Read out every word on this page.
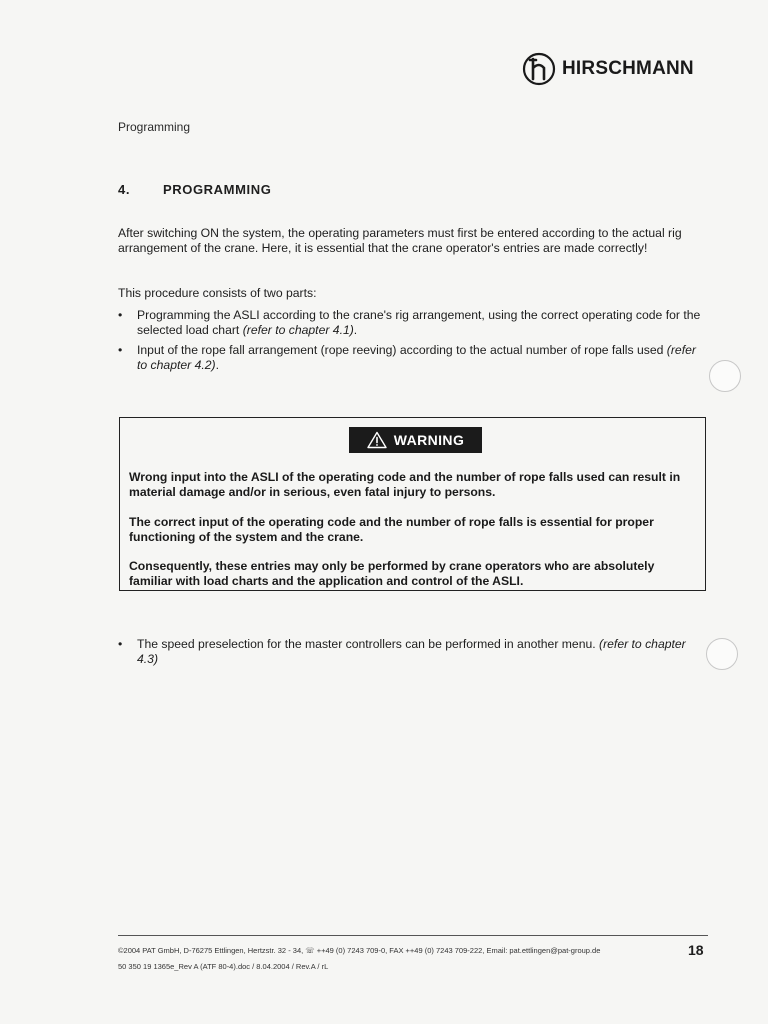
HIRSCHMANN
Programming
4.	PROGRAMMING
After switching ON the system, the operating parameters must first be entered according to the actual rig arrangement of the crane. Here, it is essential that the crane operator's entries are made correctly!
This procedure consists of two parts:
• Programming the ASLI according to the crane's rig arrangement, using the correct operating code for the selected load chart (refer to chapter 4.1).
• Input of the rope fall arrangement (rope reeving) according to the actual number of rope falls used (refer to chapter 4.2).
WARNING
Wrong input into the ASLI of the operating code and the number of rope falls used can result in material damage and/or in serious, even fatal injury to persons.
The correct input of the operating code and the number of rope falls is essential for proper functioning of the system and the crane.
Consequently, these entries may only be performed by crane operators who are absolutely familiar with load charts and the application and control of the ASLI.
• The speed preselection for the master controllers can be performed in another menu. (refer to chapter 4.3)
©2004 PAT GmbH, D-76275 Ettlingen, Hertzstr. 32 - 34, ☏ ++49 (0) 7243 709-0, FAX ++49 (0) 7243 709-222, Email: pat.ettlingen@pat-group.de
50 350 19 1365e_Rev A (ATF 80-4).doc / 8.04.2004 / Rev.A / rL
18
